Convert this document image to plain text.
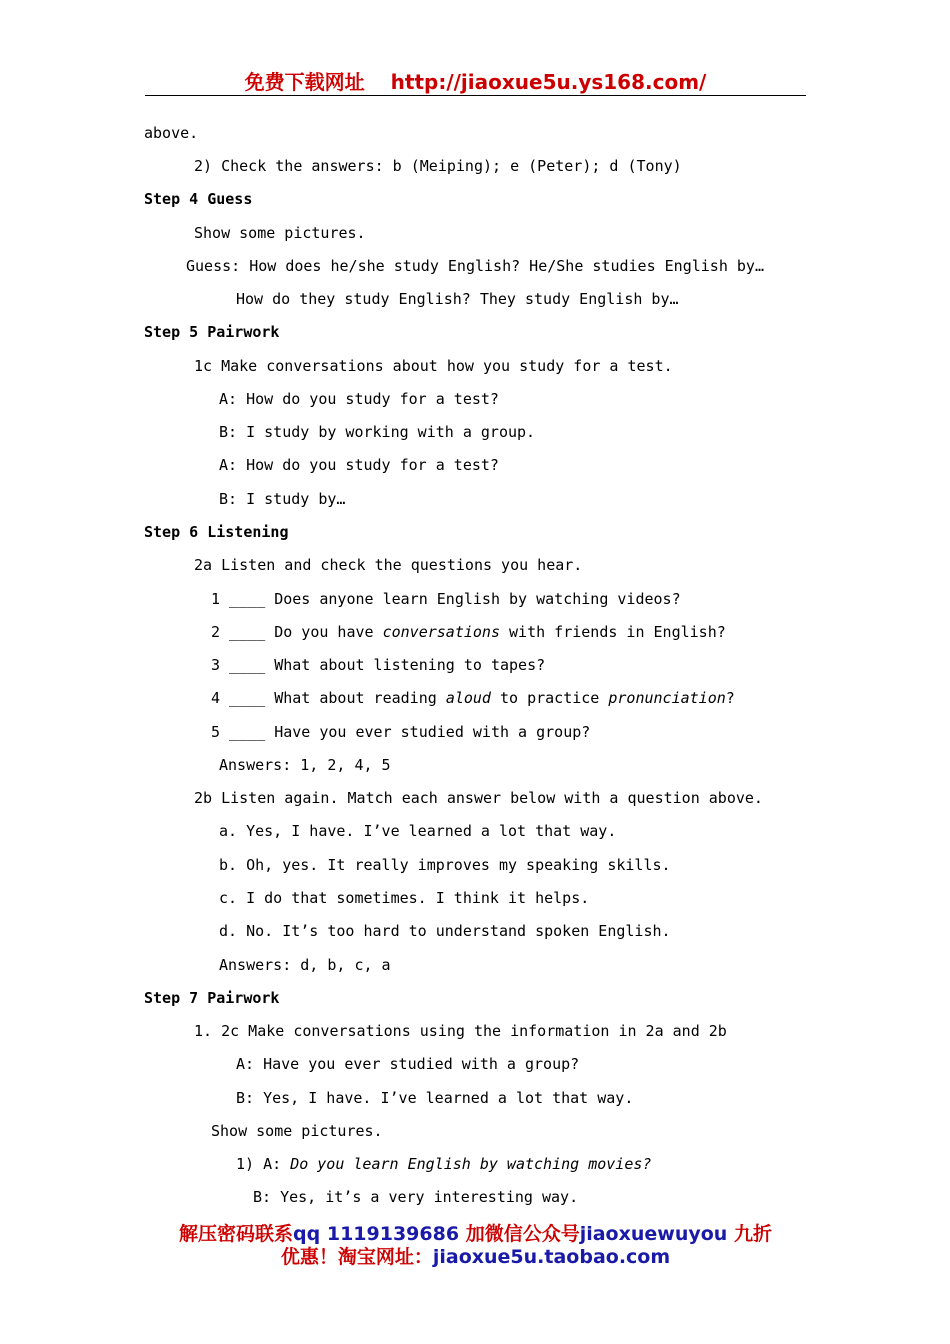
免费下载网址 http://jiaoxue5u.ys168.com/
above.
2) Check the answers: b (Meiping); e (Peter); d (Tony)
Step 4 Guess
Show some pictures.
Guess: How does he/she study English? He/She studies English by…
How do they study English? They study English by…
Step 5 Pairwork
1c Make conversations about how you study for a test.
A: How do you study for a test?
B: I study by working with a group.
A: How do you study for a test?
B: I study by…
Step 6 Listening
2a Listen and check the questions you hear.
1 ____ Does anyone learn English by watching videos?
2 ____ Do you have conversations with friends in English?
3 ____ What about listening to tapes?
4 ____ What about reading aloud to practice pronunciation?
5 ____ Have you ever studied with a group?
Answers: 1, 2, 4, 5
2b Listen again. Match each answer below with a question above.
a. Yes, I have. I’ve learned a lot that way.
b. Oh, yes. It really improves my speaking skills.
c. I do that sometimes. I think it helps.
d. No. It’s too hard to understand spoken English.
Answers: d, b, c, a
Step 7 Pairwork
1. 2c Make conversations using the information in 2a and 2b
A: Have you ever studied with a group?
B: Yes, I have. I’ve learned a lot that way.
Show some pictures.
1) A: Do you learn English by watching movies?
B: Yes, it’s a very interesting way.
解压密码联系qq 1119139686 加微信公众号jiaoxuewuyou 九折
优惠！淘宝网址：jiaoxue5u.taobao.com
